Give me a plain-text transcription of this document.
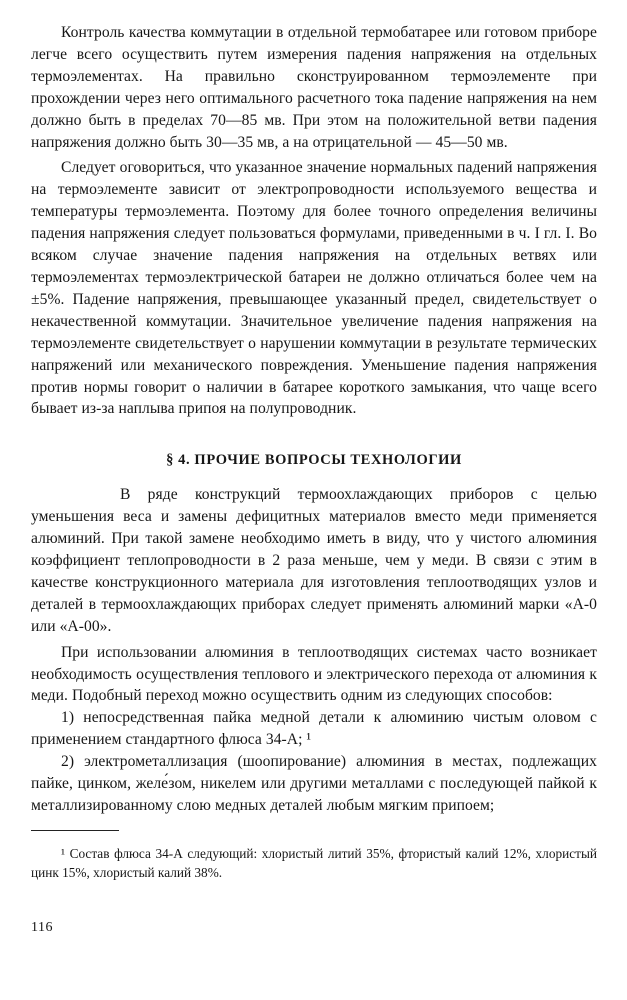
Контроль качества коммутации в отдельной термобатарее или готовом приборе легче всего осуществить путем измерения падения напряжения на отдельных термоэлементах. На правильно сконструированном термоэлементе при прохождении через него оптимального расчетного тока падение напряжения на нем должно быть в пределах 70—85 мв. При этом на положительной ветви падения напряжения должно быть 30—35 мв, а на отрицательной — 45—50 мв.

Следует оговориться, что указанное значение нормальных падений напряжения на термоэлементе зависит от электропроводности используемого вещества и температуры термоэлемента. Поэтому для более точного определения величины падения напряжения следует пользоваться формулами, приведенными в ч. I гл. I. Во всяком случае значение падения напряжения на отдельных ветвях или термоэлементах термоэлектрической батареи не должно отличаться более чем на ±5%. Падение напряжения, превышающее указанный предел, свидетельствует о некачественной коммутации. Значительное увеличение падения напряжения на термоэлементе свидетельствует о нарушении коммутации в результате термических напряжений или механического повреждения. Уменьшение падения напряжения против нормы говорит о наличии в батарее короткого замыкания, что чаще всего бывает из-за наплыва припоя на полупроводник.

§ 4. ПРОЧИЕ ВОПРОСЫ ТЕХНОЛОГИИ

В ряде конструкций термоохлаждающих приборов с целью уменьшения веса и замены дефицитных материалов вместо меди применяется алюминий. При такой замене необходимо иметь в виду, что у чистого алюминия коэффициент теплопроводности в 2 раза меньше, чем у меди. В связи с этим в качестве конструкционного материала для изготовления теплоотводящих узлов и деталей в термоохлаждающих приборах следует применять алюминий марки «А-0 или «А-00».

При использовании алюминия в теплоотводящих системах часто возникает необходимость осуществления теплового и электрического перехода от алюминия к меди. Подобный переход можно осуществить одним из следующих способов:

1) непосредственная пайка медной детали к алюминию чистым оловом с применением стандартного флюса 34-А; ¹

2) электрометаллизация (шоопирование) алюминия в местах, подлежащих пайке, цинком, желе́зом, никелем или другими металлами с последующей пайкой к металлизированному слою медных деталей любым мягким припоем;

¹ Состав флюса 34-А следующий: хлористый литий 35%, фтористый калий 12%, хлористый цинк 15%, хлористый калий 38%.

116
